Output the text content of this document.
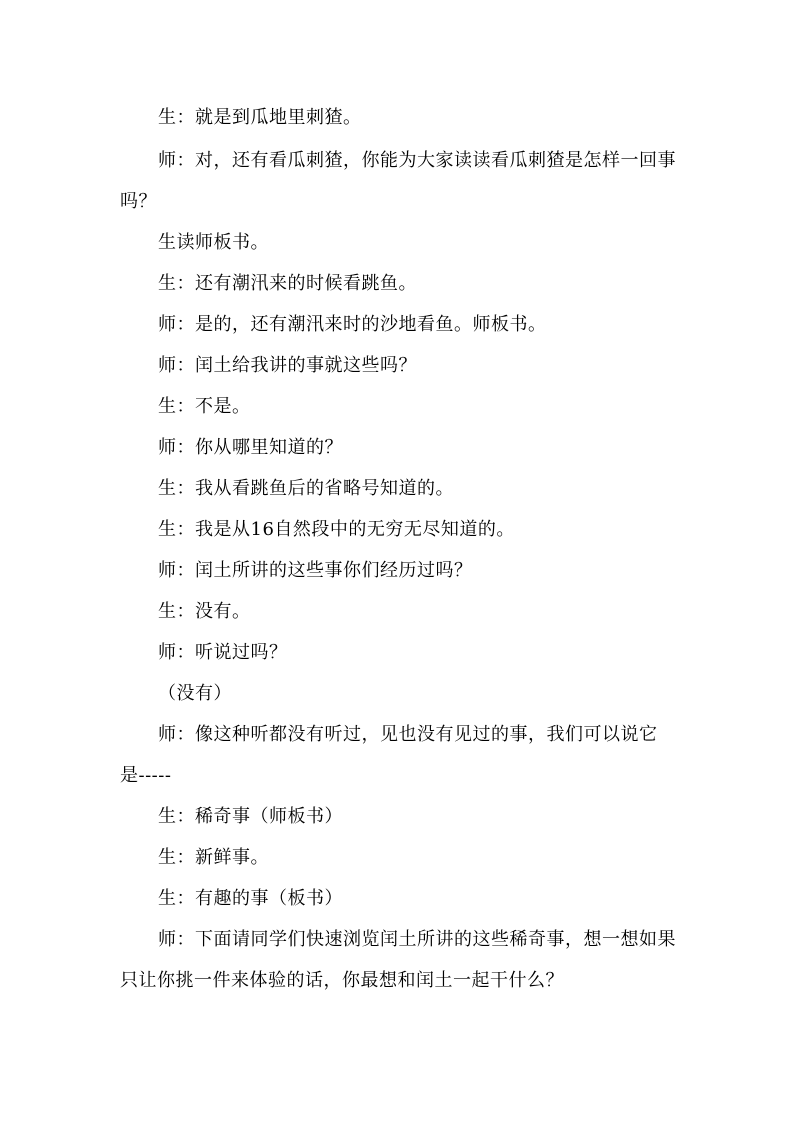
生：就是到瓜地里刺猹。

师：对，还有看瓜刺猹，你能为大家读读看瓜刺猹是怎样一回事吗？

生读师板书。

生：还有潮汛来的时候看跳鱼。

师：是的，还有潮汛来时的沙地看鱼。师板书。

师：闰土给我讲的事就这些吗？

生：不是。

师：你从哪里知道的？

生：我从看跳鱼后的省略号知道的。

生：我是从16自然段中的无穷无尽知道的。

师：闰土所讲的这些事你们经历过吗？

生：没有。

师：听说过吗？

（没有）

师：像这种听都没有听过，见也没有见过的事，我们可以说它是-----

生：稀奇事（师板书）

生：新鲜事。

生：有趣的事（板书）

师：下面请同学们快速浏览闰土所讲的这些稀奇事，想一想如果只让你挑一件来体验的话，你最想和闰土一起干什么？
